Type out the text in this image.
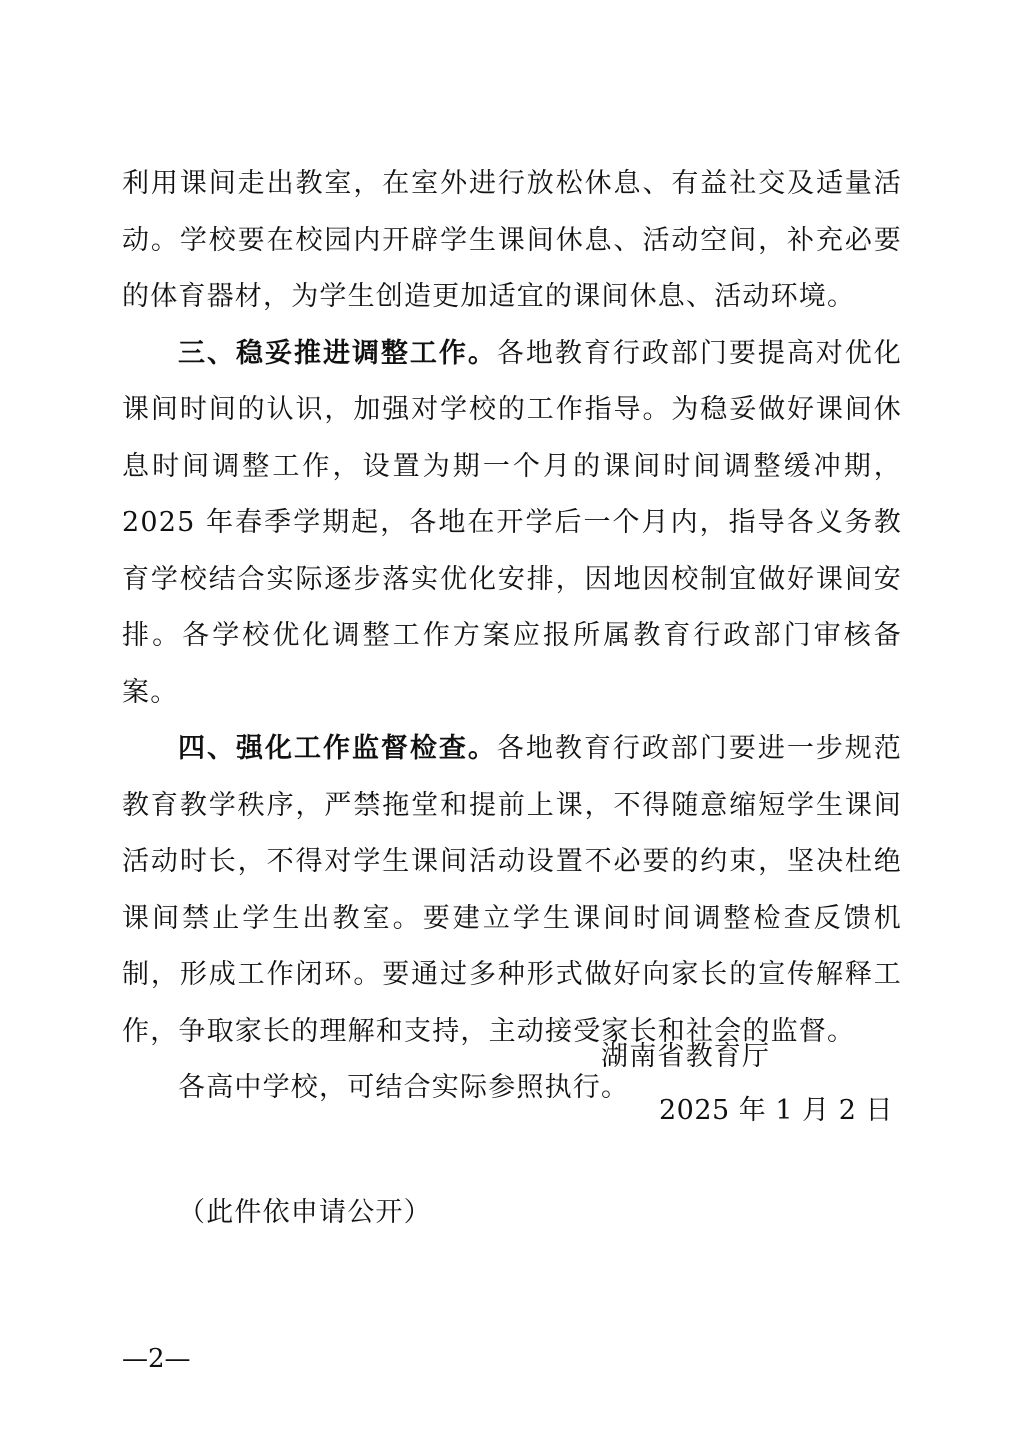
利用课间走出教室，在室外进行放松休息、有益社交及适量活动。学校要在校园内开辟学生课间休息、活动空间，补充必要的体育器材，为学生创造更加适宜的课间休息、活动环境。

三、稳妥推进调整工作。各地教育行政部门要提高对优化课间时间的认识，加强对学校的工作指导。为稳妥做好课间休息时间调整工作，设置为期一个月的课间时间调整缓冲期，2025 年春季学期起，各地在开学后一个月内，指导各义务教育学校结合实际逐步落实优化安排，因地因校制宜做好课间安排。各学校优化调整工作方案应报所属教育行政部门审核备案。

四、强化工作监督检查。各地教育行政部门要进一步规范教育教学秩序，严禁拖堂和提前上课，不得随意缩短学生课间活动时长，不得对学生课间活动设置不必要的约束，坚决杜绝课间禁止学生出教室。要建立学生课间时间调整检查反馈机制，形成工作闭环。要通过多种形式做好向家长的宣传解释工作，争取家长的理解和支持，主动接受家长和社会的监督。

各高中学校，可结合实际参照执行。

湖南省教育厅
2025 年 1 月 2 日
（此件依申请公开）
—2—
